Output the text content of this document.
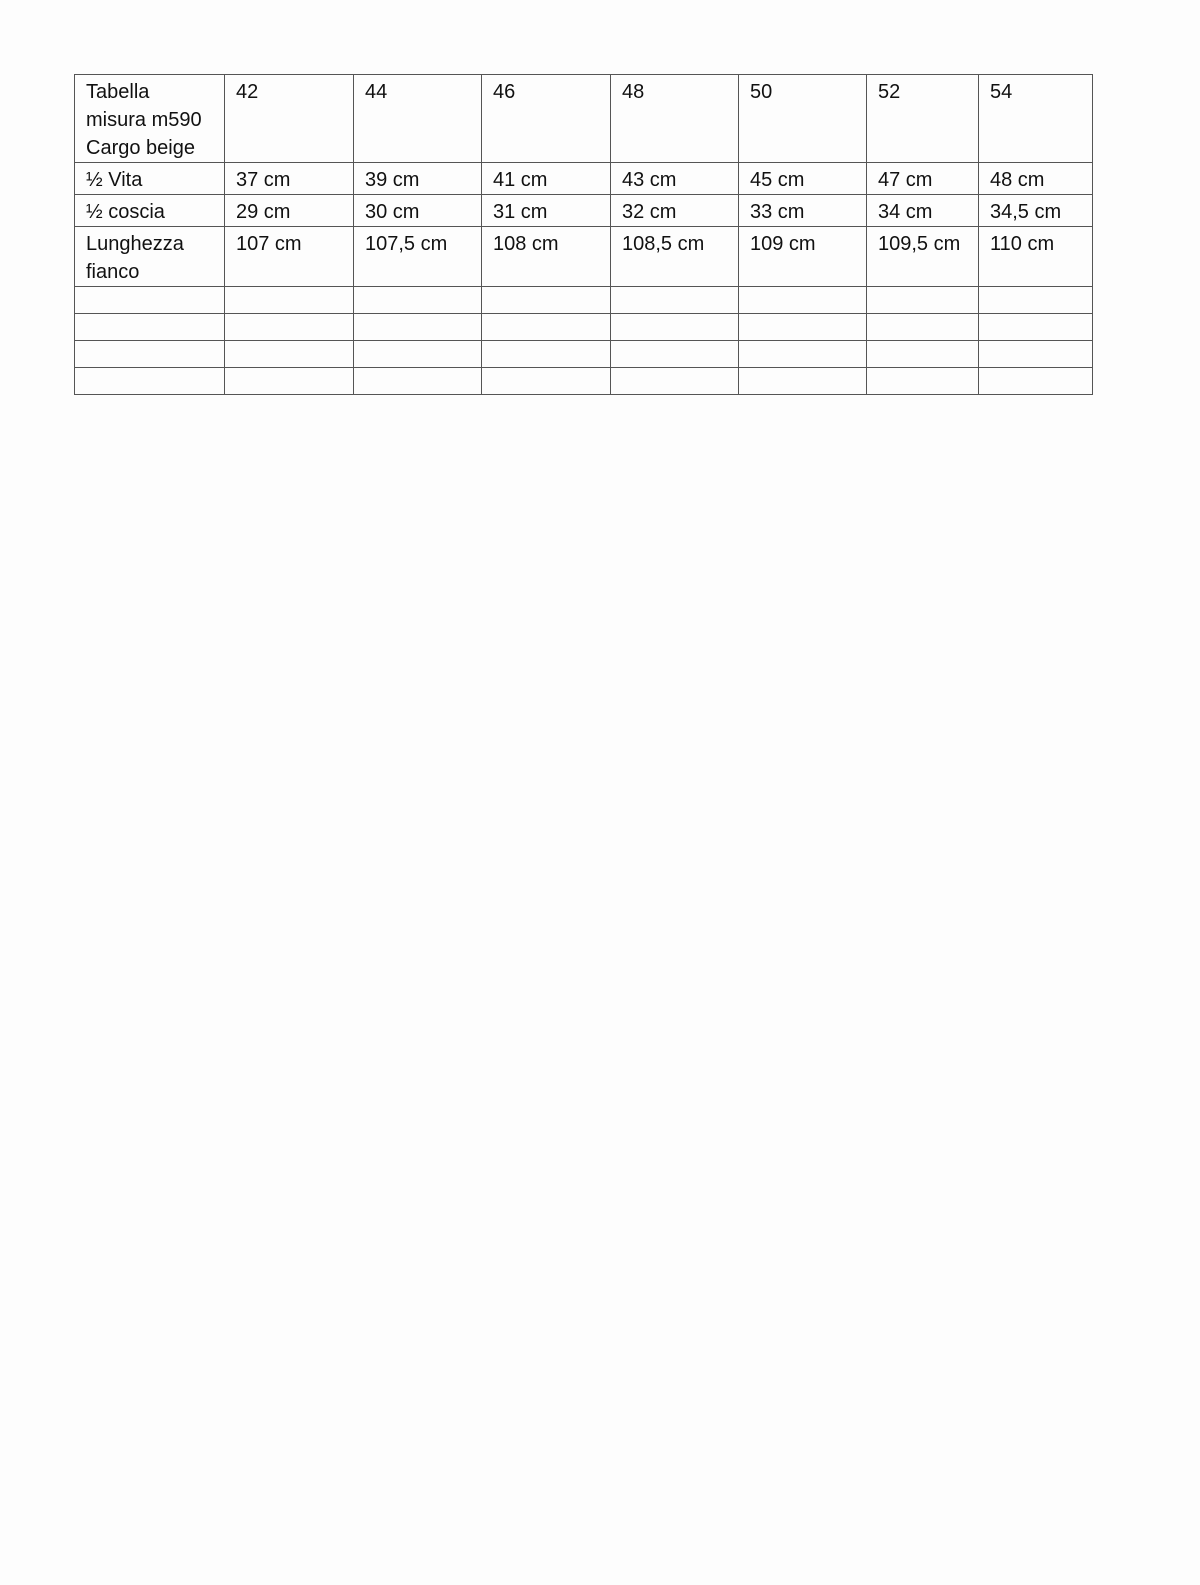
Tabella
misura m590
Cargo beige	42	44	46	48	50	52	54
½ Vita	37 cm	39 cm	41 cm	43 cm	45 cm	47 cm	48 cm
½ coscia	29 cm	30 cm	31 cm	32 cm	33 cm	34 cm	34,5 cm
Lunghezza
fianco	107 cm	107,5 cm	108 cm	108,5 cm	109 cm	109,5 cm	110 cm
